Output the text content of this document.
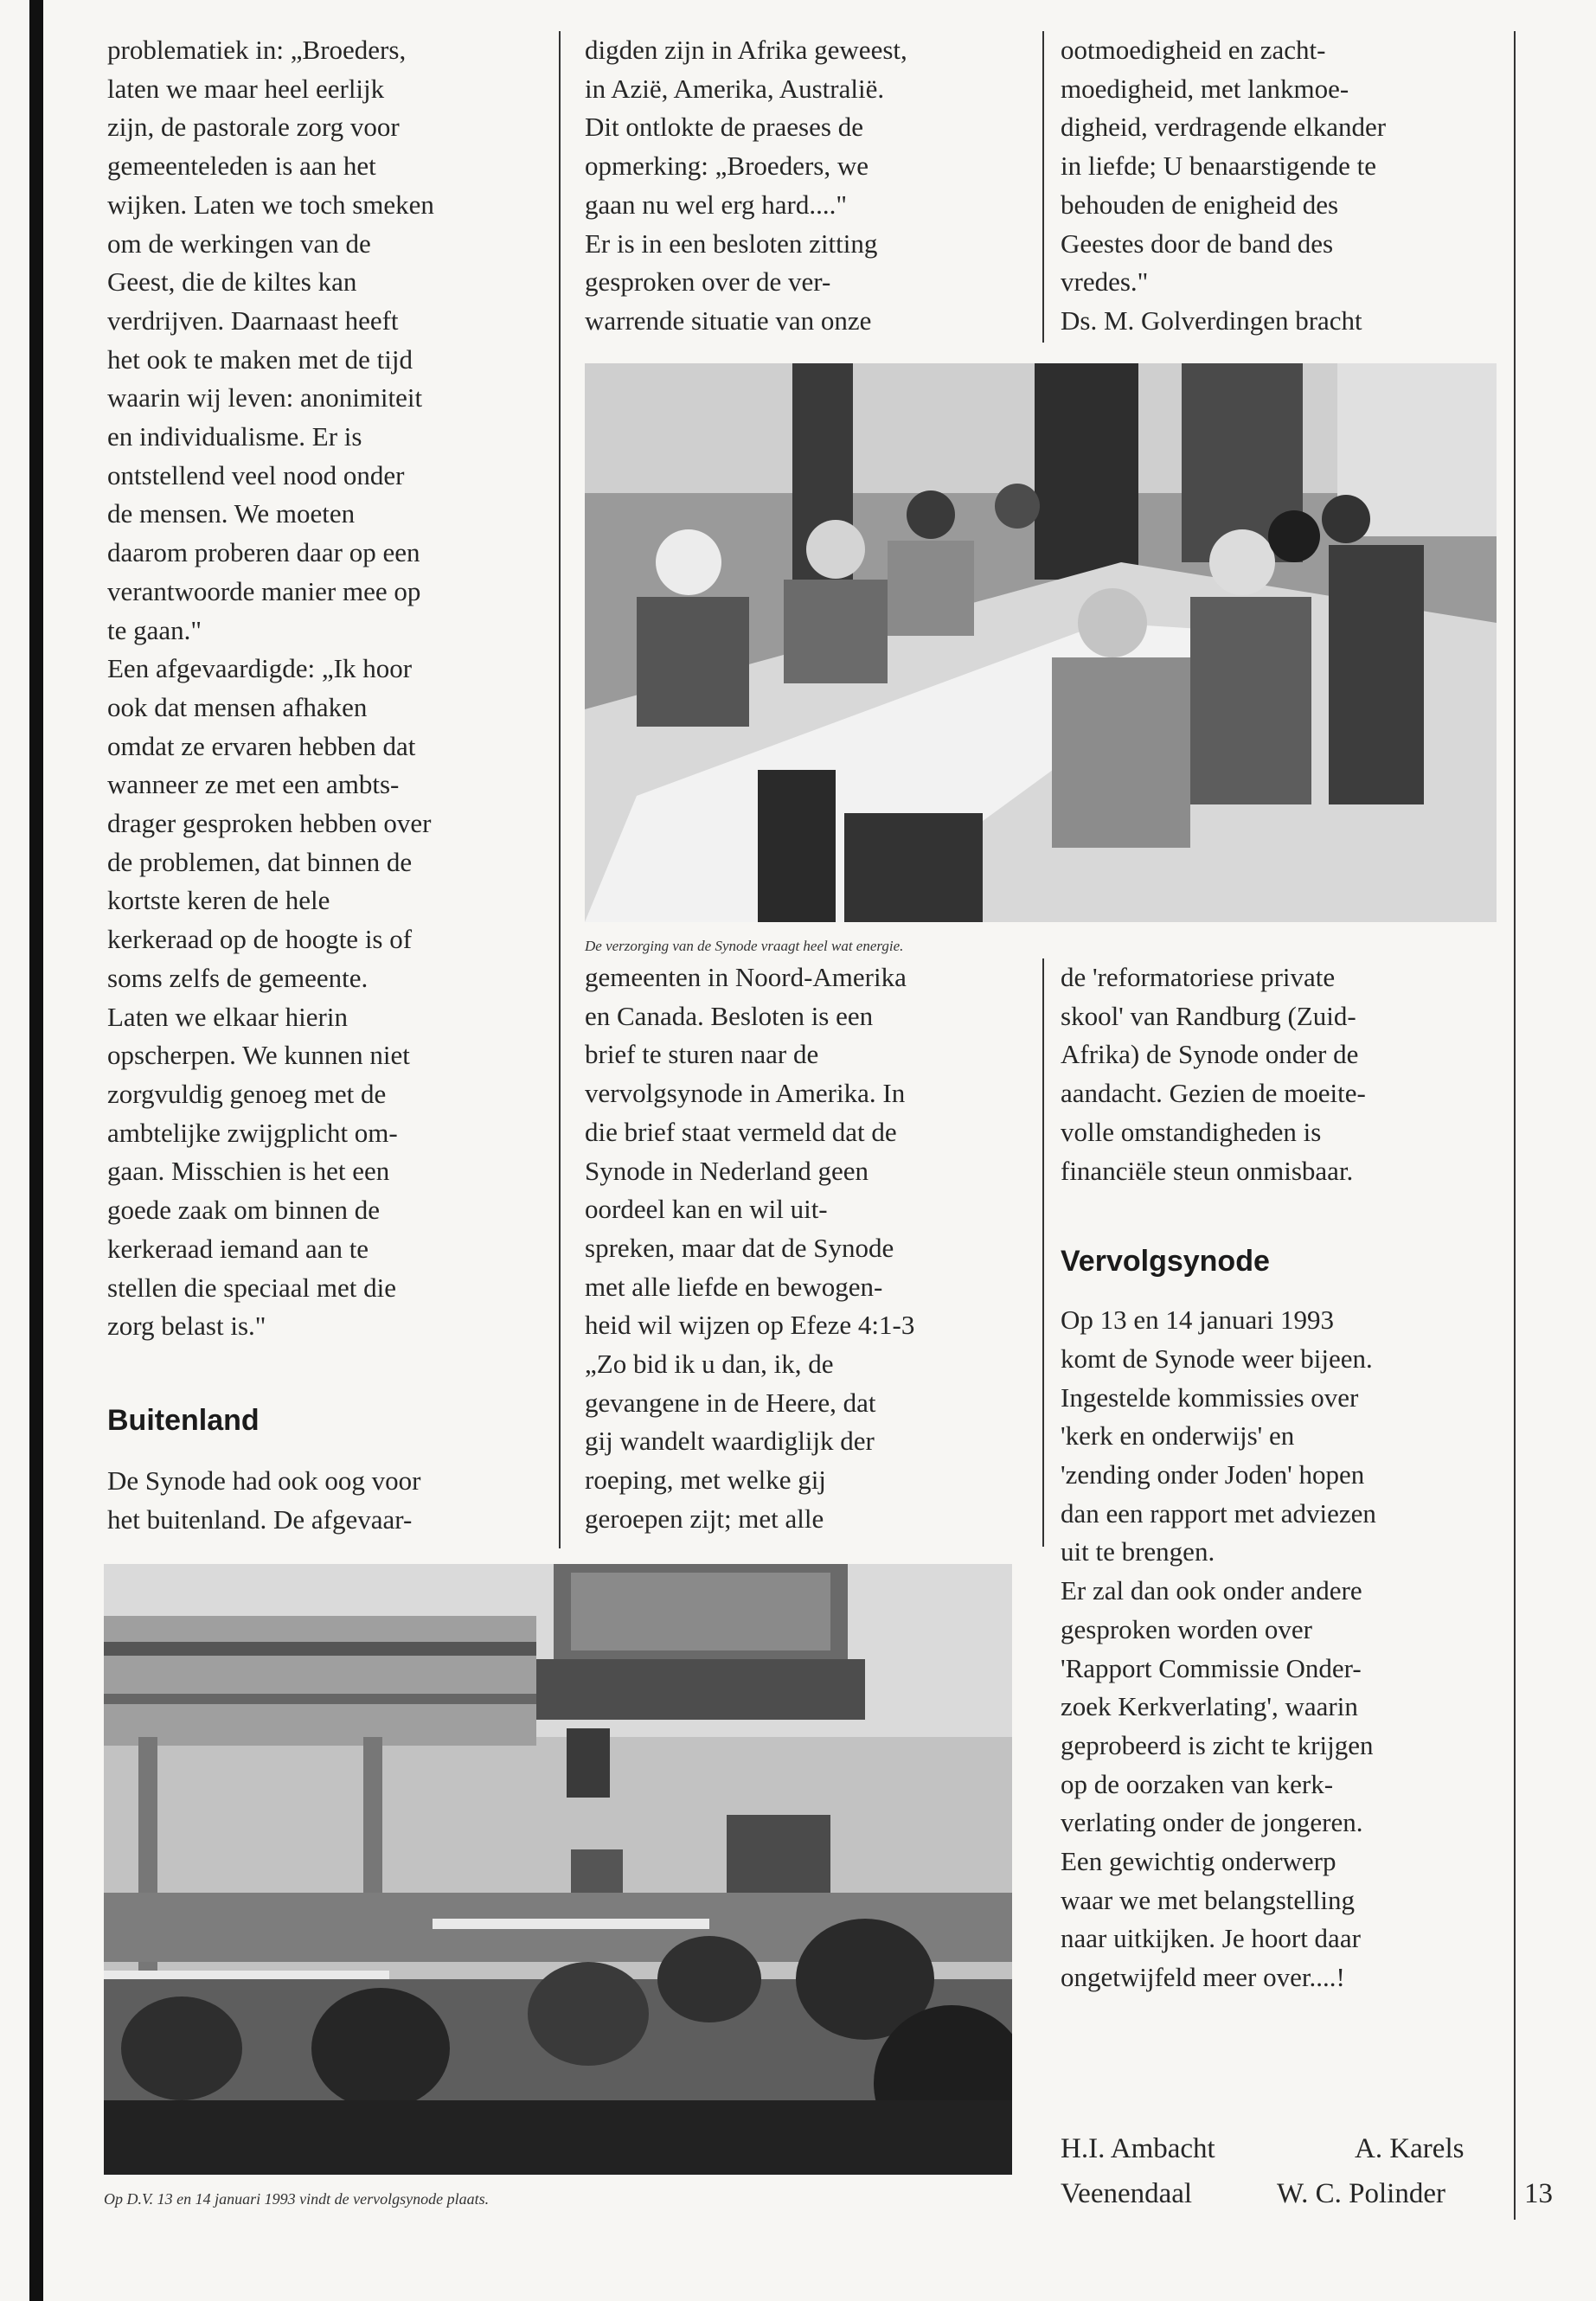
problematiek in: „Broeders,

laten we maar heel eerlijk

zijn, de pastorale zorg voor

gemeenteleden is aan het

wijken. Laten we toch smeken

om de werkingen van de

Geest, die de kiltes kan

verdrijven. Daarnaast heeft

het ook te maken met de tijd

waarin wij leven: anonimiteit

en individualisme. Er is

ontstellend veel nood onder

de mensen. We moeten

daarom proberen daar op een

verantwoorde manier mee op

te gaan."

Een afgevaardigde: „Ik hoor

ook dat mensen afhaken

omdat ze ervaren hebben dat

wanneer ze met een ambts-

drager gesproken hebben over

de problemen, dat binnen de

kortste keren de hele

kerkeraad op de hoogte is of

soms zelfs de gemeente.

Laten we elkaar hierin

opscherpen. We kunnen niet

zorgvuldig genoeg met de

ambtelijke zwijgplicht om-

gaan. Misschien is het een

goede zaak om binnen de

kerkeraad iemand aan te

stellen die speciaal met die

zorg belast is."

Buitenland

De Synode had ook oog voor

het buitenland. De afgevaar-

digden zijn in Afrika geweest,

in Azië, Amerika, Australië.

Dit ontlokte de praeses de

opmerking: „Broeders, we

gaan nu wel erg hard...."

Er is in een besloten zitting

gesproken over de ver-

warrende situatie van onze

ootmoedigheid en zacht-

moedigheid, met lankmoe-

digheid, verdragende elkander

in liefde; U benaarstigende te

behouden de enigheid des

Geestes door de band des

vredes."

Ds. M. Golverdingen bracht

De verzorging van de Synode vraagt heel wat energie.

gemeenten in Noord-Amerika

en Canada. Besloten is een

brief te sturen naar de

vervolgsynode in Amerika. In

die brief staat vermeld dat de

Synode in Nederland geen

oordeel kan en wil uit-

spreken, maar dat de Synode

met alle liefde en bewogen-

heid wil wijzen op Efeze 4:1-3

„Zo bid ik u dan, ik, de

gevangene in de Heere, dat

gij wandelt waardiglijk der

roeping, met welke gij

geroepen zijt; met alle

de 'reformatoriese private

skool' van Randburg (Zuid-

Afrika) de Synode onder de

aandacht. Gezien de moeite-

volle omstandigheden is

financiële steun onmisbaar.

Vervolgsynode

Op 13 en 14 januari 1993

komt de Synode weer bijeen.

Ingestelde kommissies over

'kerk en onderwijs' en

'zending onder Joden' hopen

dan een rapport met adviezen

uit te brengen.

Er zal dan ook onder andere

gesproken worden over

'Rapport Commissie Onder-

zoek Kerkverlating', waarin

geprobeerd is zicht te krijgen

op de oorzaken van kerk-

verlating onder de jongeren.

Een gewichtig onderwerp

waar we met belangstelling

naar uitkijken. Je hoort daar

ongetwijfeld meer over....!

Op D.V. 13 en 14 januari 1993 vindt de vervolgsynode plaats.
H.I. Ambacht	A. Karels
Veenendaal	W. C. Polinder	13
